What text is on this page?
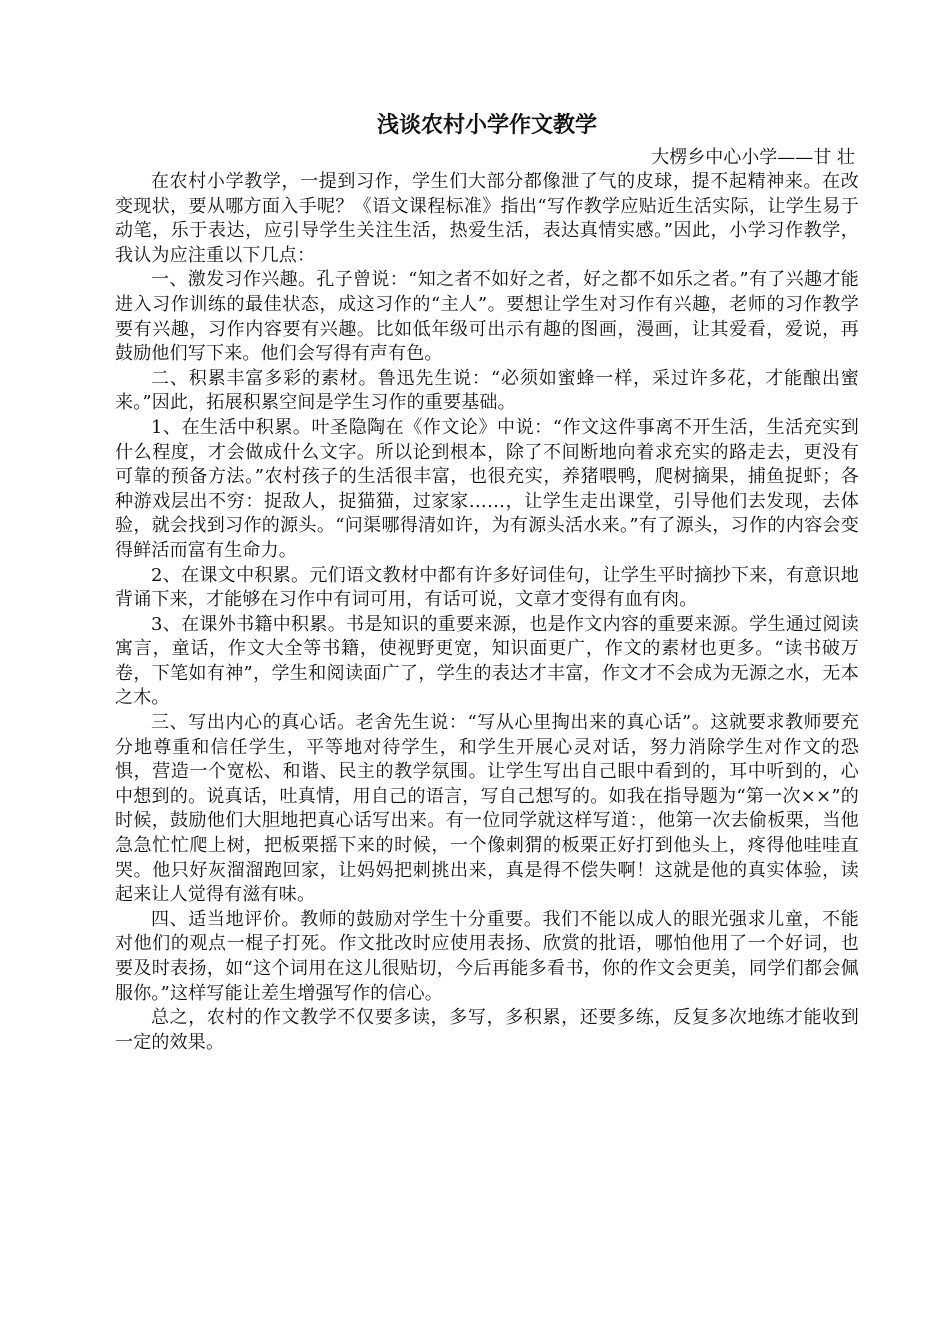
浅谈农村小学作文教学

大楞乡中心小学——甘 壮

在农村小学教学，一提到习作，学生们大部分都像泄了气的皮球，提不起精神来。在改变现状，要从哪方面入手呢？《语文课程标准》指出“写作教学应贴近生活实际，让学生易于动笔，乐于表达，应引导学生关注生活，热爱生活，表达真情实感。”因此，小学习作教学，我认为应注重以下几点：

一、激发习作兴趣。孔子曾说：“知之者不如好之者，好之都不如乐之者。”有了兴趣才能进入习作训练的最佳状态，成这习作的“主人”。要想让学生对习作有兴趣，老师的习作教学要有兴趣，习作内容要有兴趣。比如低年级可出示有趣的图画，漫画，让其爱看，爱说，再鼓励他们写下来。他们会写得有声有色。

二、积累丰富多彩的素材。鲁迅先生说：“必须如蜜蜂一样，采过许多花，才能酿出蜜来。”因此，拓展积累空间是学生习作的重要基础。

1、在生活中积累。叶圣隐陶在《作文论》中说：“作文这件事离不开生活，生活充实到什么程度，才会做成什么文字。所以论到根本，除了不间断地向着求充实的路走去，更没有可靠的预备方法。”农村孩子的生活很丰富，也很充实，养猪喂鸭，爬树摘果，捕鱼捉虾；各种游戏层出不穷：捉敌人，捉猫猫，过家家……，让学生走出课堂，引导他们去发现，去体验，就会找到习作的源头。“问渠哪得清如许，为有源头活水来。”有了源头，习作的内容会变得鲜活而富有生命力。

2、在课文中积累。元们语文教材中都有许多好词佳句，让学生平时摘抄下来，有意识地背诵下来，才能够在习作中有词可用，有话可说，文章才变得有血有肉。

3、在课外书籍中积累。书是知识的重要来源，也是作文内容的重要来源。学生通过阅读寓言，童话，作文大全等书籍，使视野更宽，知识面更广，作文的素材也更多。“读书破万卷，下笔如有神”，学生和阅读面广了，学生的表达才丰富，作文才不会成为无源之水，无本之木。

三、写出内心的真心话。老舍先生说：“写从心里掏出来的真心话”。这就要求教师要充分地尊重和信任学生，平等地对待学生，和学生开展心灵对话，努力消除学生对作文的恐惧，营造一个宽松、和谐、民主的教学氛围。让学生写出自己眼中看到的，耳中听到的，心中想到的。说真话，吐真情，用自己的语言，写自己想写的。如我在指导题为“第一次××”的时候，鼓励他们大胆地把真心话写出来。有一位同学就这样写道：，他第一次去偷板栗，当他急急忙忙爬上树，把板栗摇下来的时候，一个像刺猬的板栗正好打到他头上，疼得他哇哇直哭。他只好灰溜溜跑回家，让妈妈把刺挑出来，真是得不偿失啊！这就是他的真实体验，读起来让人觉得有滋有味。

四、适当地评价。教师的鼓励对学生十分重要。我们不能以成人的眼光强求儿童，不能对他们的观点一棍子打死。作文批改时应使用表扬、欣赏的批语，哪怕他用了一个好词，也要及时表扬，如“这个词用在这儿很贴切，今后再能多看书，你的作文会更美，同学们都会佩服你。”这样写能让差生增强写作的信心。

总之，农村的作文教学不仅要多读，多写，多积累，还要多练，反复多次地练才能收到一定的效果。
